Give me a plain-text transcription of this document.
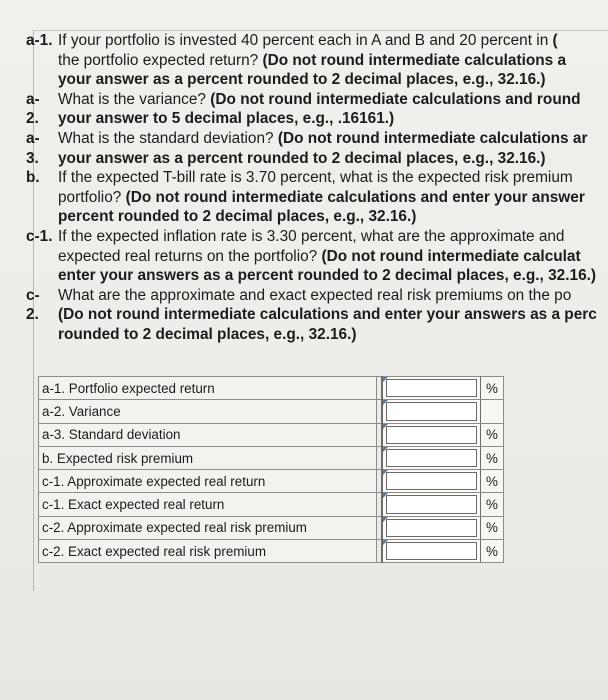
a-1. If your portfolio is invested 40 percent each in A and B and 20 percent in (
the portfolio expected return? (Do not round intermediate calculations a
your answer as a percent rounded to 2 decimal places, e.g., 32.16.)
a-	What is the variance? (Do not round intermediate calculations and round
2.	your answer to 5 decimal places, e.g., .16161.)
a-	What is the standard deviation? (Do not round intermediate calculations ar
3.	your answer as a percent rounded to 2 decimal places, e.g., 32.16.)
b.	If the expected T-bill rate is 3.70 percent, what is the expected risk premium
portfolio? (Do not round intermediate calculations and enter your answer
percent rounded to 2 decimal places, e.g., 32.16.)
c-1. If the expected inflation rate is 3.30 percent, what are the approximate and
expected real returns on the portfolio? (Do not round intermediate calculat
enter your answers as a percent rounded to 2 decimal places, e.g., 32.16.)
c-	What are the approximate and exact expected real risk premiums on the po
2.	(Do not round intermediate calculations and enter your answers as a perc
rounded to 2 decimal places, e.g., 32.16.)
a-1. Portfolio expected return			%
a-2. Variance		

a-3. Standard deviation			%
b. Expected risk premium			%
c-1. Approximate expected real return			%
c-1. Exact expected real return			%
c-2. Approximate expected real risk premium			%
c-2. Exact expected real risk premium			%
